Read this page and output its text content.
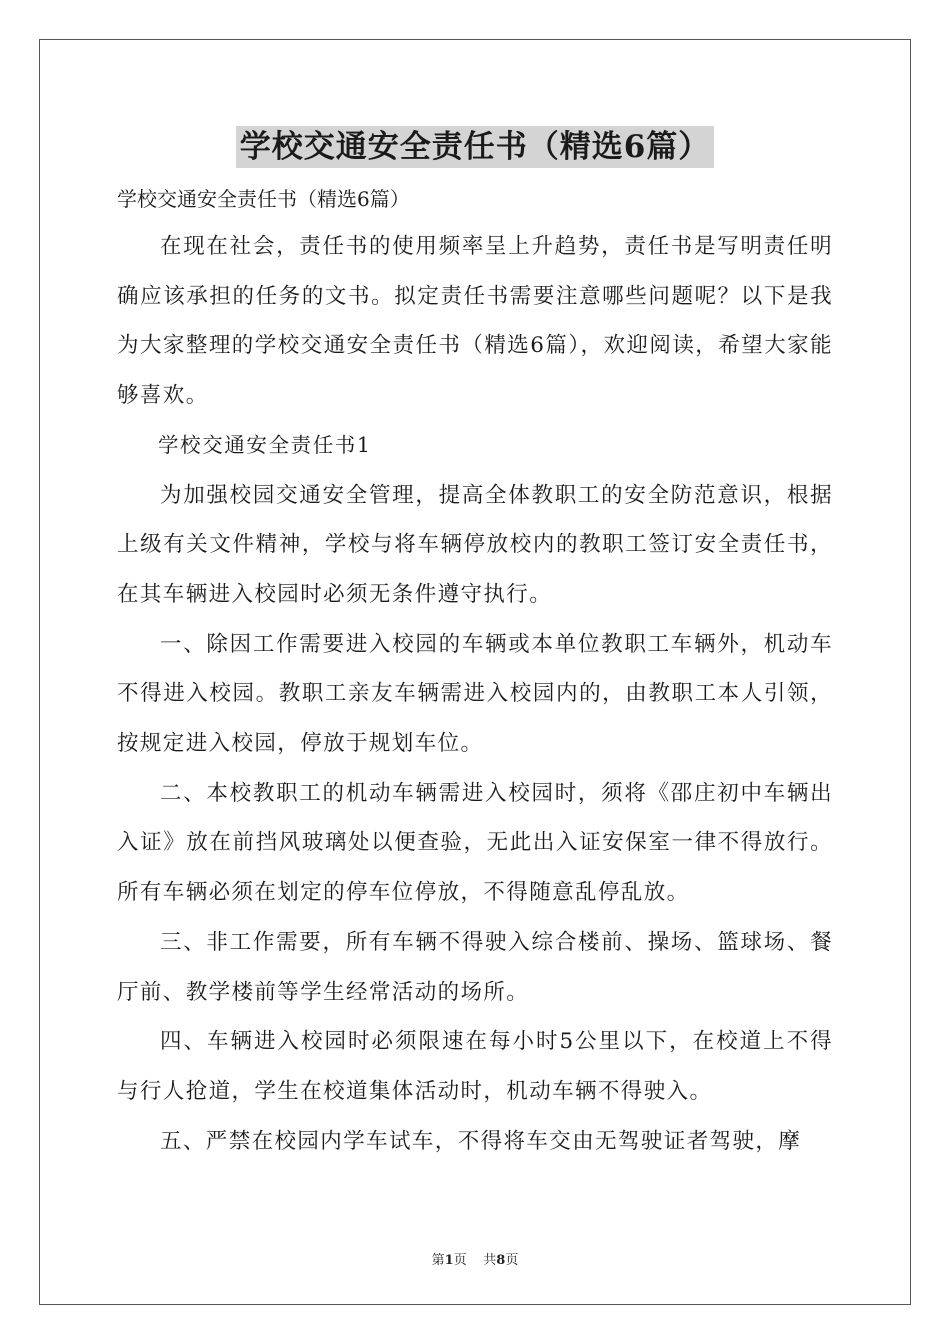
学校交通安全责任书（精选6篇）

学校交通安全责任书（精选6篇）

在现在社会，责任书的使用频率呈上升趋势，责任书是写明责任明确应该承担的任务的文书。拟定责任书需要注意哪些问题呢？以下是我为大家整理的学校交通安全责任书（精选6篇），欢迎阅读，希望大家能够喜欢。

学校交通安全责任书1

为加强校园交通安全管理，提高全体教职工的安全防范意识，根据上级有关文件精神，学校与将车辆停放校内的教职工签订安全责任书，在其车辆进入校园时必须无条件遵守执行。

一、除因工作需要进入校园的车辆或本单位教职工车辆外，机动车不得进入校园。教职工亲友车辆需进入校园内的，由教职工本人引领，按规定进入校园，停放于规划车位。

二、本校教职工的机动车辆需进入校园时，须将《邵庄初中车辆出入证》放在前挡风玻璃处以便查验，无此出入证安保室一律不得放行。所有车辆必须在划定的停车位停放，不得随意乱停乱放。

三、非工作需要，所有车辆不得驶入综合楼前、操场、篮球场、餐厅前、教学楼前等学生经常活动的场所。

四、车辆进入校园时必须限速在每小时5公里以下，在校道上不得与行人抢道，学生在校道集体活动时，机动车辆不得驶入。

五、严禁在校园内学车试车，不得将车交由无驾驶证者驾驶，摩

第1页 共8页
